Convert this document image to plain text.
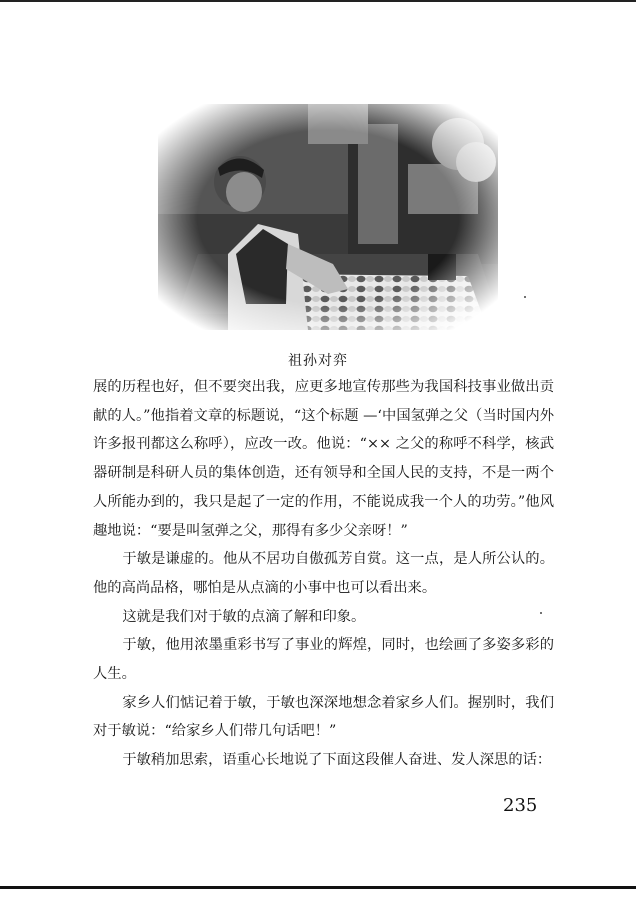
祖孙对弈

展的历程也好，但不要突出我，应更多地宣传那些为我国科技事业做出贡献的人。”他指着文章的标题说，“这个标题 —‘中国氢弹之父（当时国内外许多报刊都这么称呼），应改一改。他说：“×× 之父的称呼不科学，核武器研制是科研人员的集体创造，还有领导和全国人民的支持，不是一两个人所能办到的，我只是起了一定的作用，不能说成我一个人的功劳。”他风趣地说：“要是叫氢弹之父，那得有多少父亲呀！”

于敏是谦虚的。他从不居功自傲孤芳自赏。这一点，是人所公认的。他的高尚品格，哪怕是从点滴的小事中也可以看出来。

这就是我们对于敏的点滴了解和印象。

于敏，他用浓墨重彩书写了事业的辉煌，同时，也绘画了多姿多彩的人生。

家乡人们惦记着于敏，于敏也深深地想念着家乡人们。握别时，我们对于敏说：“给家乡人们带几句话吧！”

于敏稍加思索，语重心长地说了下面这段催人奋进、发人深思的话：

235
